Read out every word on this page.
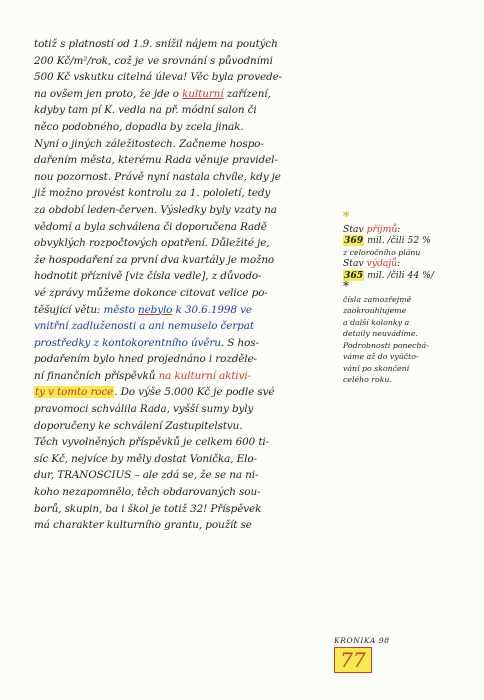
totiž s platností od 1.9. snížil nájem na poutých
200 Kč/m²/rok, což je ve srovnání s původními
500 Kč vskutku citelná úleva! Věc byla provede-
na ovšem jen proto, že jde o kulturní zařízení,
kdyby tam pí K. vedla na př. módní salon či
něco podobného, dopadla by zcela jinak.
Nyní o jiných záležitostech. Začneme hospo-
dařením města, kterému Rada věnuje pravidel-
nou pozornost. Právě nyní nastala chvíle, kdy je
již možno provést kontrolu za 1. pololetí, tedy
za období leden-červen. Výsledky byly vzaty na
vědomí a byla schválena či doporučena Radě
obvyklých rozpočtových opatření. Důležité je,
že hospodaření za první dva kvartály je možno
hodnotit příznivě [viz čísla vedle], z důvodo-
vé zprávy můžeme dokonce citovat velice po-
těšující větu: město nebylo k 30.6.1998 ve
vnitřní zadluženosti a ani nemuselo čerpat
prostředky z kontokorentního úvěru. S hos-
podařením bylo hned projednáno i rozděle-
ní finančních příspěvků na kulturní aktivi-
ty v tomto roce. Do výše 5.000 Kč je podle své
pravomoci schválila Rada, vyšší sumy byly
doporučeny ke schválení Zastupitelstvu.
Těch vyvolněných příspěvků je celkem 600 ti-
síc Kč, nejvíce by měly dostat Vonička, Elo-
dur, TRANOSCIUS – ale zdá se, že se na ni-
koho nezapomnělo, těch obdarovaných sou-
borů, skupin, ba i škol je totiž 32! Příspěvek
má charakter kulturního grantu, použít se
*
Stav příjmů:
369 mil. /čili 52 %
z celoročního plánu
Stav výdajů:
365 mil. /čili 44 %/
*
čísla zamozřejmě
zaokrouhlujeme
a další kolonky a
detaily neuvádíme.
Podrobnosti ponechá-
váme až do vyúčto-
vání po skončení
celého roku.
KRONIKA 98
77
